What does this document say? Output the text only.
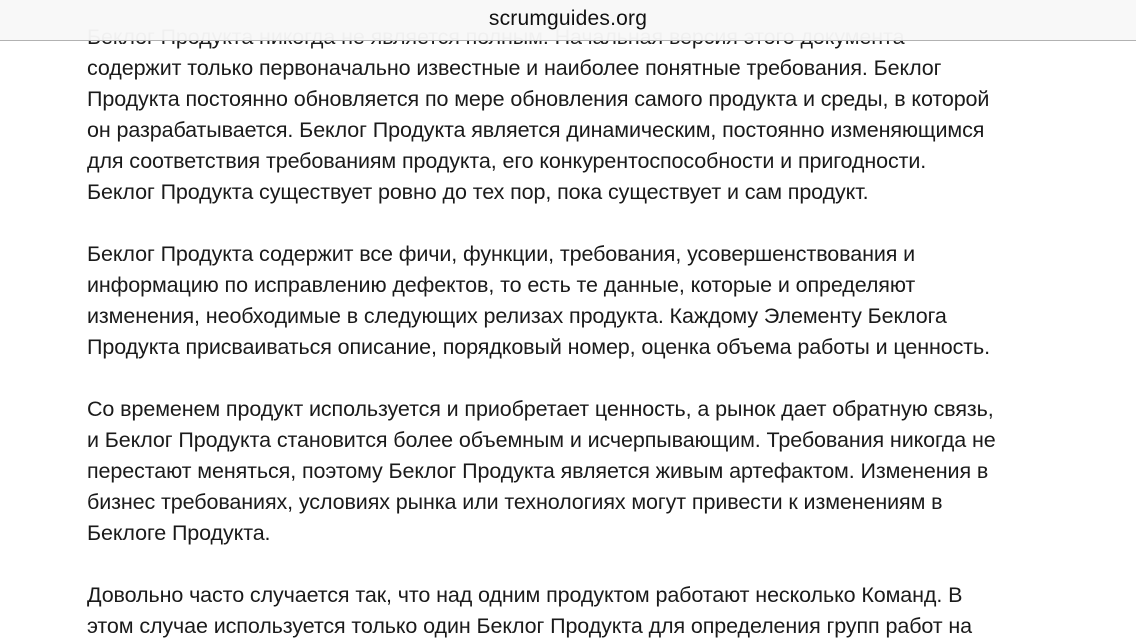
scrumguides.org

содержит только первоначально известные и наиболее понятные требования. Беклог
Продукта постоянно обновляется по мере обновления самого продукта и среды, в которой
он разрабатывается. Беклог Продукта является динамическим, постоянно изменяющимся
для соответствия требованиям продукта, его конкурентоспособности и пригодности.
Беклог Продукта существует ровно до тех пор, пока существует и сам продукт.

Беклог Продукта содержит все фичи, функции, требования, усовершенствования и
информацию по исправлению дефектов, то есть те данные, которые и определяют
изменения, необходимые в следующих релизах продукта. Каждому Элементу Беклога
Продукта присваиваться описание, порядковый номер, оценка объема работы и ценность.

Со временем продукт используется и приобретает ценность, а рынок дает обратную связь,
и Беклог Продукта становится более объемным и исчерпывающим. Требования никогда не
перестают меняться, поэтому Беклог Продукта является живым артефактом. Изменения в
бизнес требованиях, условиях рынка или технологиях могут привести к изменениям в
Беклоге Продукта.

Довольно часто случается так, что над одним продуктом работают несколько Команд. В
этом случае используется только один Беклог Продукта для определения групп работ на
